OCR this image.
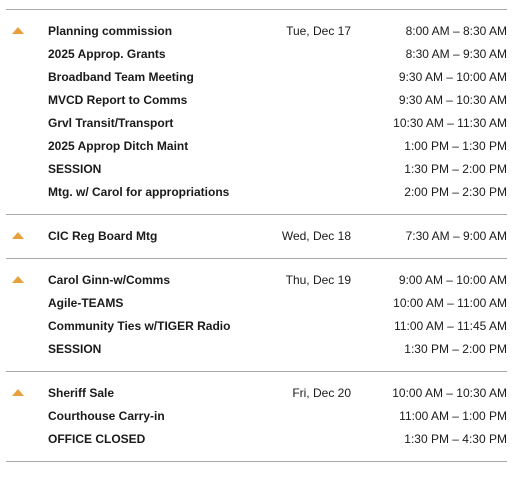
Planning commission	Tue, Dec 17	8:00 AM – 8:30 AM
2025 Approp. Grants	8:30 AM – 9:30 AM
Broadband Team Meeting	9:30 AM – 10:00 AM
MVCD Report to Comms	9:30 AM – 10:30 AM
Grvl Transit/Transport	10:30 AM – 11:30 AM
2025 Approp Ditch Maint	1:00 PM – 1:30 PM
SESSION	1:30 PM – 2:00 PM
Mtg. w/ Carol for appropriations	2:00 PM – 2:30 PM
CIC Reg Board Mtg	Wed, Dec 18	7:30 AM – 9:00 AM
Carol Ginn-w/Comms	Thu, Dec 19	9:00 AM – 10:00 AM
Agile-TEAMS	10:00 AM – 11:00 AM
Community Ties w/TIGER Radio	11:00 AM – 11:45 AM
SESSION	1:30 PM – 2:00 PM
Sheriff Sale	Fri, Dec 20	10:00 AM – 10:30 AM
Courthouse Carry-in	11:00 AM – 1:00 PM
OFFICE CLOSED	1:30 PM – 4:30 PM
